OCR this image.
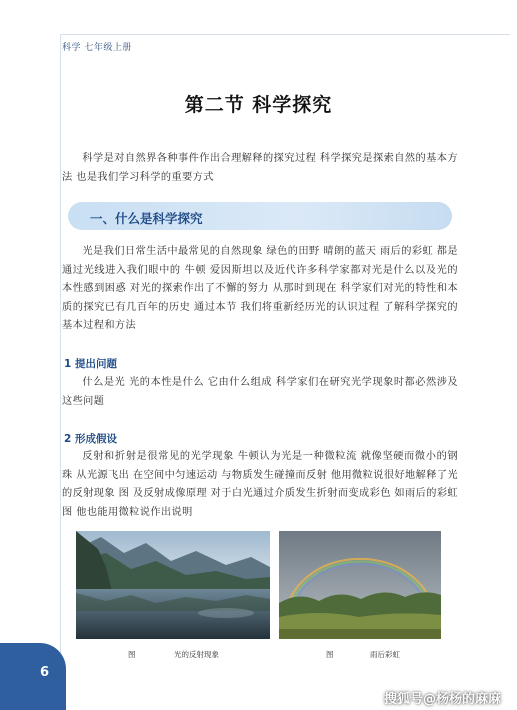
科学 七年级上册
第二节 科学探究
科学是对自然界各种事件作出合理解释的探究过程 科学探究是探索自然的基本方法 也是我们学习科学的重要方式
一、什么是科学探究
光是我们日常生活中最常见的自然现象 绿色的田野 晴朗的蓝天 雨后的彩虹 都是通过光线进入我们眼中的 牛顿 爱因斯坦以及近代许多科学家都对光是什么以及光的本性感到困惑 对光的探索作出了不懈的努力 从那时到现在 科学家们对光的特性和本质的探究已有几百年的历史 通过本节 我们将重新经历光的认识过程 了解科学探究的基本过程和方法
1 提出问题
什么是光 光的本性是什么 它由什么组成 科学家们在研究光学现象时都必然涉及这些问题
2 形成假设
反射和折射是很常见的光学现象 牛顿认为光是一种微粒流 就像坚硬而微小的钢珠 从光源飞出 在空间中匀速运动 与物质发生碰撞而反射 他用微粒说很好地解释了光的反射现象 图 及反射成像原理 对于白光通过介质发生折射而变成彩色 如雨后的彩虹 图 他也能用微粒说作出说明
图	光的反射现象	图	雨后彩虹
6
搜狐号@杨杨的麻麻
